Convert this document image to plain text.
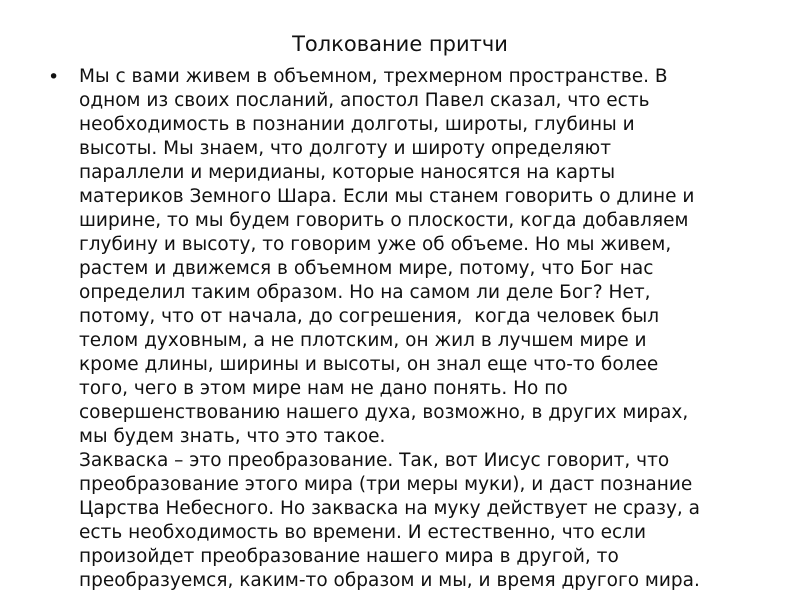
Толкование притчи
• Мы с вами живем в объемном, трехмерном пространстве. В
одном из своих посланий, апостол Павел сказал, что есть
необходимость в познании долготы, широты, глубины и
высоты. Мы знаем, что долготу и широту определяют
параллели и меридианы, которые наносятся на карты
материков Земного Шара. Если мы станем говорить о длине и
ширине, то мы будем говорить о плоскости, когда добавляем
глубину и высоту, то говорим уже об объеме. Но мы живем,
растем и движемся в объемном мире, потому, что Бог нас
определил таким образом. Но на самом ли деле Бог? Нет,
потому, что от начала, до согрешения,  когда человек был
телом духовным, а не плотским, он жил в лучшем мире и
кроме длины, ширины и высоты, он знал еще что-то более
того, чего в этом мире нам не дано понять. Но по
совершенствованию нашего духа, возможно, в других мирах,
мы будем знать, что это такое.
Закваска – это преобразование. Так, вот Иисус говорит, что
преобразование этого мира (три меры муки), и даст познание
Царства Небесного. Но закваска на муку действует не сразу, а
есть необходимость во времени. И естественно, что если
произойдет преобразование нашего мира в другой, то
преобразуемся, каким-то образом и мы, и время другого мира.
